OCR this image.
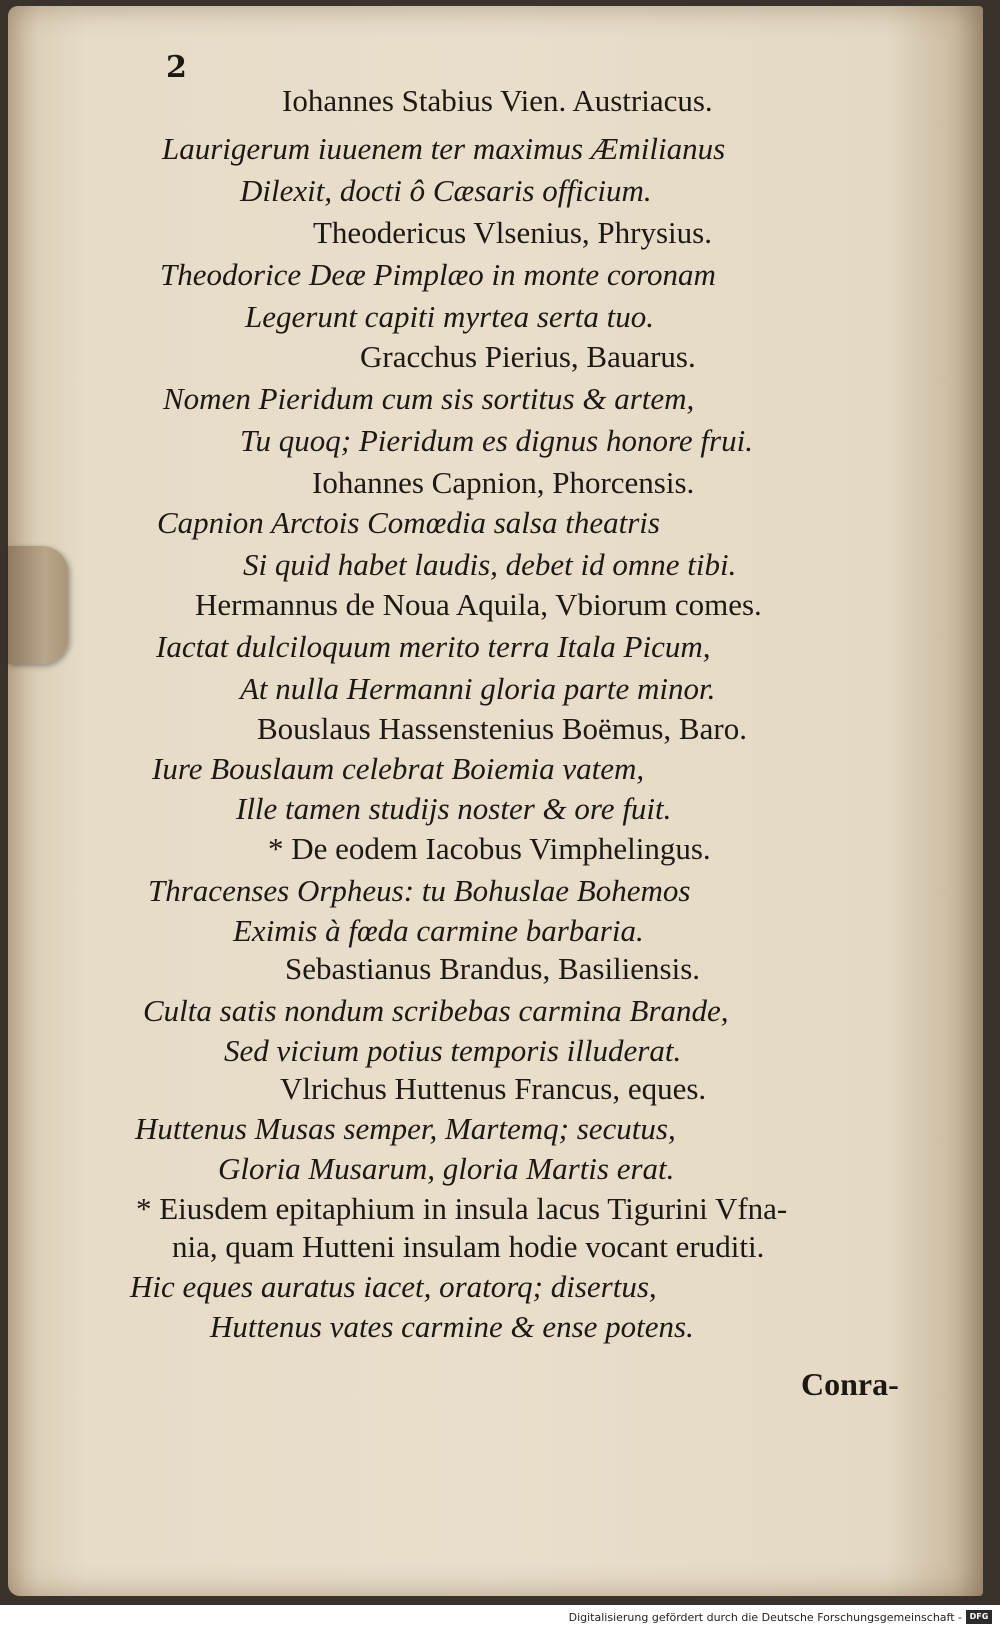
2
Iohannes Stabius Vien. Austriacus.
Laurigerum iuuenem ter maximus Æmilianus
Dilexit, docti ô Cæsaris officium.
Theodericus Vlsenius, Phrysius.
Theodorice Deæ Pimplæo in monte coronam
Legerunt capiti myrtea serta tuo.
Gracchus Pierius, Bauarus.
Nomen Pieridum cum sis sortitus & artem,
Tu quoq; Pieridum es dignus honore frui.
Iohannes Capnion, Phorcensis.
Capnion Arctois Comœdia salsa theatris
Si quid habet laudis, debet id omne tibi.
Hermannus de Noua Aquila, Vbiorum comes.
Iactat dulciloquum merito terra Itala Picum,
At nulla Hermanni gloria parte minor.
Bouslaus Hassenstenius Boëmus, Baro.
Iure Bouslaum celebrat Boiemia vatem,
Ille tamen studijs noster & ore fuit.
* De eodem Iacobus Vimphelingus.
Thracenses Orpheus: tu Bohuslae Bohemos
Eximis à fœda carmine barbaria.
Sebastianus Brandus, Basiliensis.
Culta satis nondum scribebas carmina Brande,
Sed vicium potius temporis illuderat.
Vlrichus Huttenus Francus, eques.
Huttenus Musas semper, Martemq; secutus,
Gloria Musarum, gloria Martis erat.
* Eiusdem epitaphium in insula lacus Tigurini Vfna-
nia, quam Hutteni insulam hodie vocant eruditi.
Hic eques auratus iacet, oratorq; disertus,
Huttenus vates carmine & ense potens.
Conra-
Digitalisierung gefördert durch die Deutsche Forschungsgemeinschaft - DFG
